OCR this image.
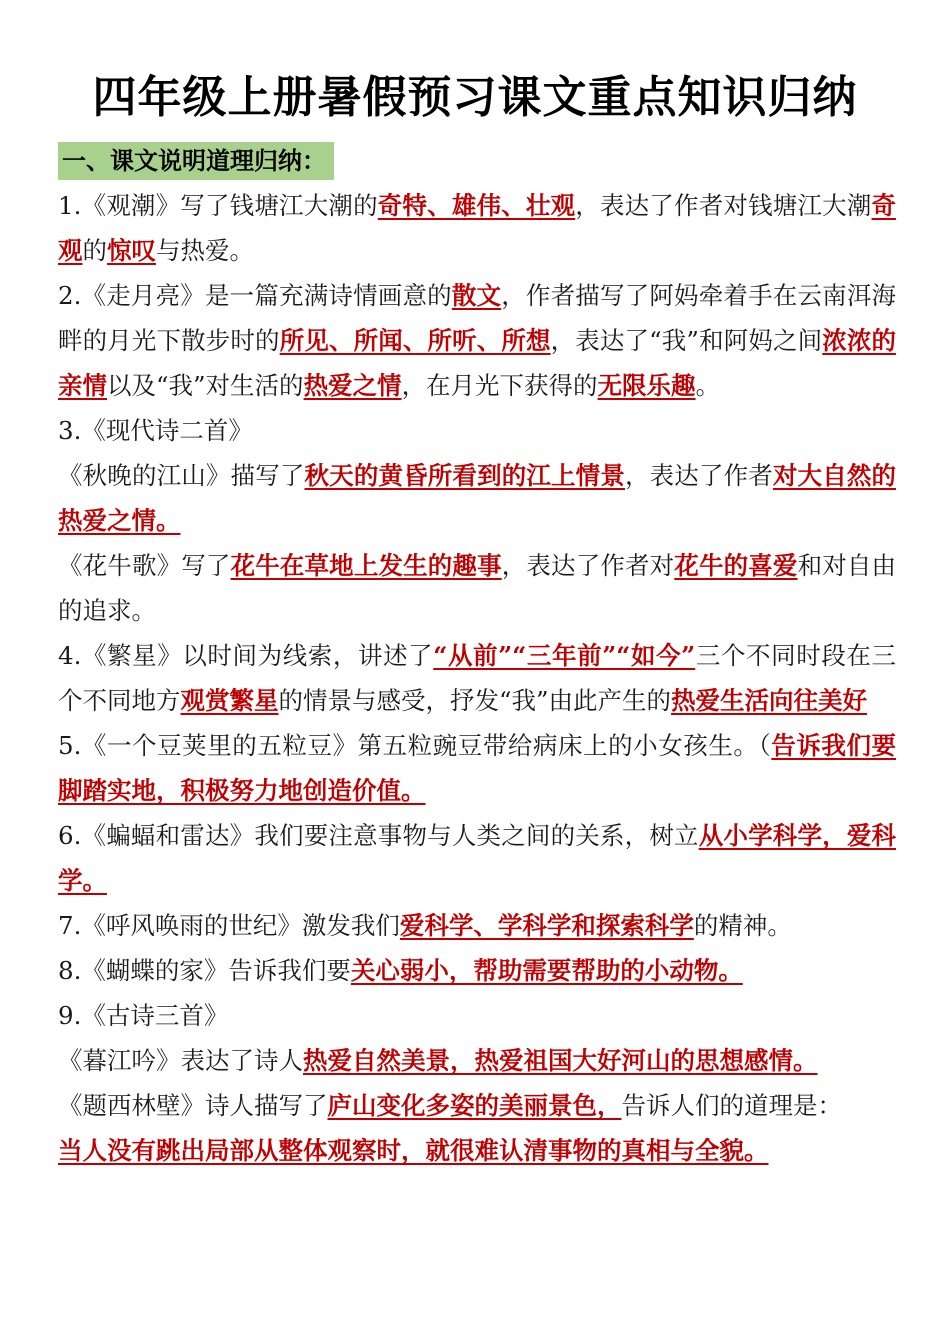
四年级上册暑假预习课文重点知识归纳
一、课文说明道理归纳：

1.《观潮》写了钱塘江大潮的奇特、雄伟、壮观，表达了作者对钱塘江大潮奇观的惊叹与热爱。

2.《走月亮》是一篇充满诗情画意的散文，作者描写了阿妈牵着手在云南洱海畔的月光下散步时的所见、所闻、所听、所想，表达了“我”和阿妈之间浓浓的亲情以及“我”对生活的热爱之情，在月光下获得的无限乐趣。

3.《现代诗二首》

《秋晚的江山》描写了秋天的黄昏所看到的江上情景，表达了作者对大自然的热爱之情。

《花牛歌》写了花牛在草地上发生的趣事，表达了作者对花牛的喜爱和对自由的追求。

4.《繁星》以时间为线索，讲述了“从前”“三年前”“如今”三个不同时段在三个不同地方观赏繁星的情景与感受，抒发“我”由此产生的热爱生活向往美好

5.《一个豆荚里的五粒豆》第五粒豌豆带给病床上的小女孩生。（告诉我们要脚踏实地，积极努力地创造价值。

6.《蝙蝠和雷达》我们要注意事物与人类之间的关系，树立从小学科学，爱科学。

7.《呼风唤雨的世纪》激发我们爱科学、学科学和探索科学的精神。

8.《蝴蝶的家》告诉我们要关心弱小，帮助需要帮助的小动物。

9.《古诗三首》

《暮江吟》表达了诗人热爱自然美景，热爱祖国大好河山的思想感情。

《题西林壁》诗人描写了庐山变化多姿的美丽景色，告诉人们的道理是：

当人没有跳出局部从整体观察时，就很难认清事物的真相与全貌。
